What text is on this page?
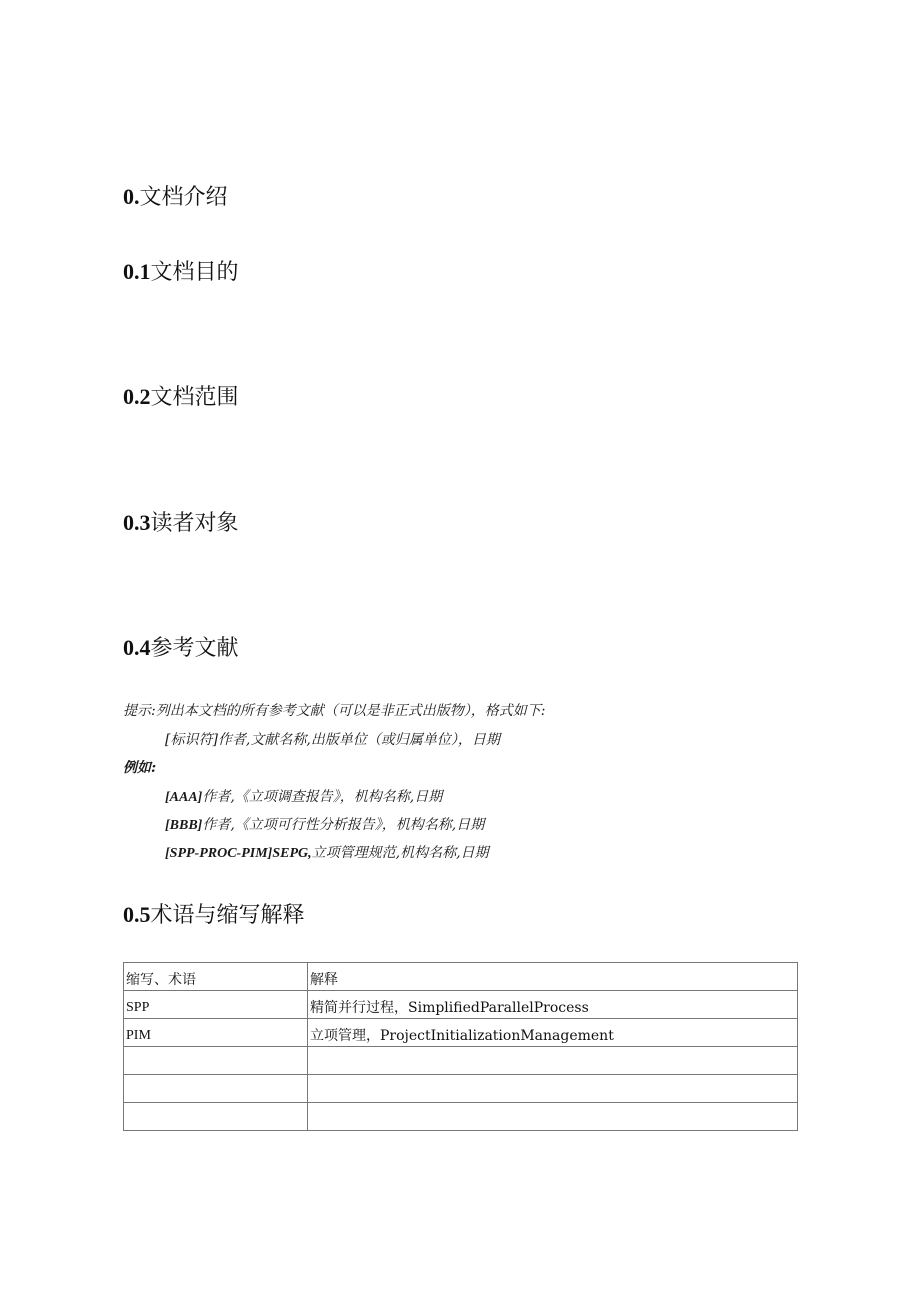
0.文档介绍
0.1文档目的
0.2文档范围
0.3读者对象
0.4参考文献
提示:列出本文档的所有参考文献（可以是非正式出版物），格式如下:
[标识符]作者,文献名称,出版单位（或归属单位），日期
例如:
[AAA]作者,《立项调查报告》，机构名称,日期
[BBB]作者,《立项可行性分析报告》，机构名称,日期
[SPP-PROC-PIM]SEPG,立项管理规范,机构名称,日期
0.5术语与缩写解释
缩写、术语	解释
SPP	精简并行过程，SimplifiedParallelProcess
PIM	立项管理，ProjectInitializationManagement
